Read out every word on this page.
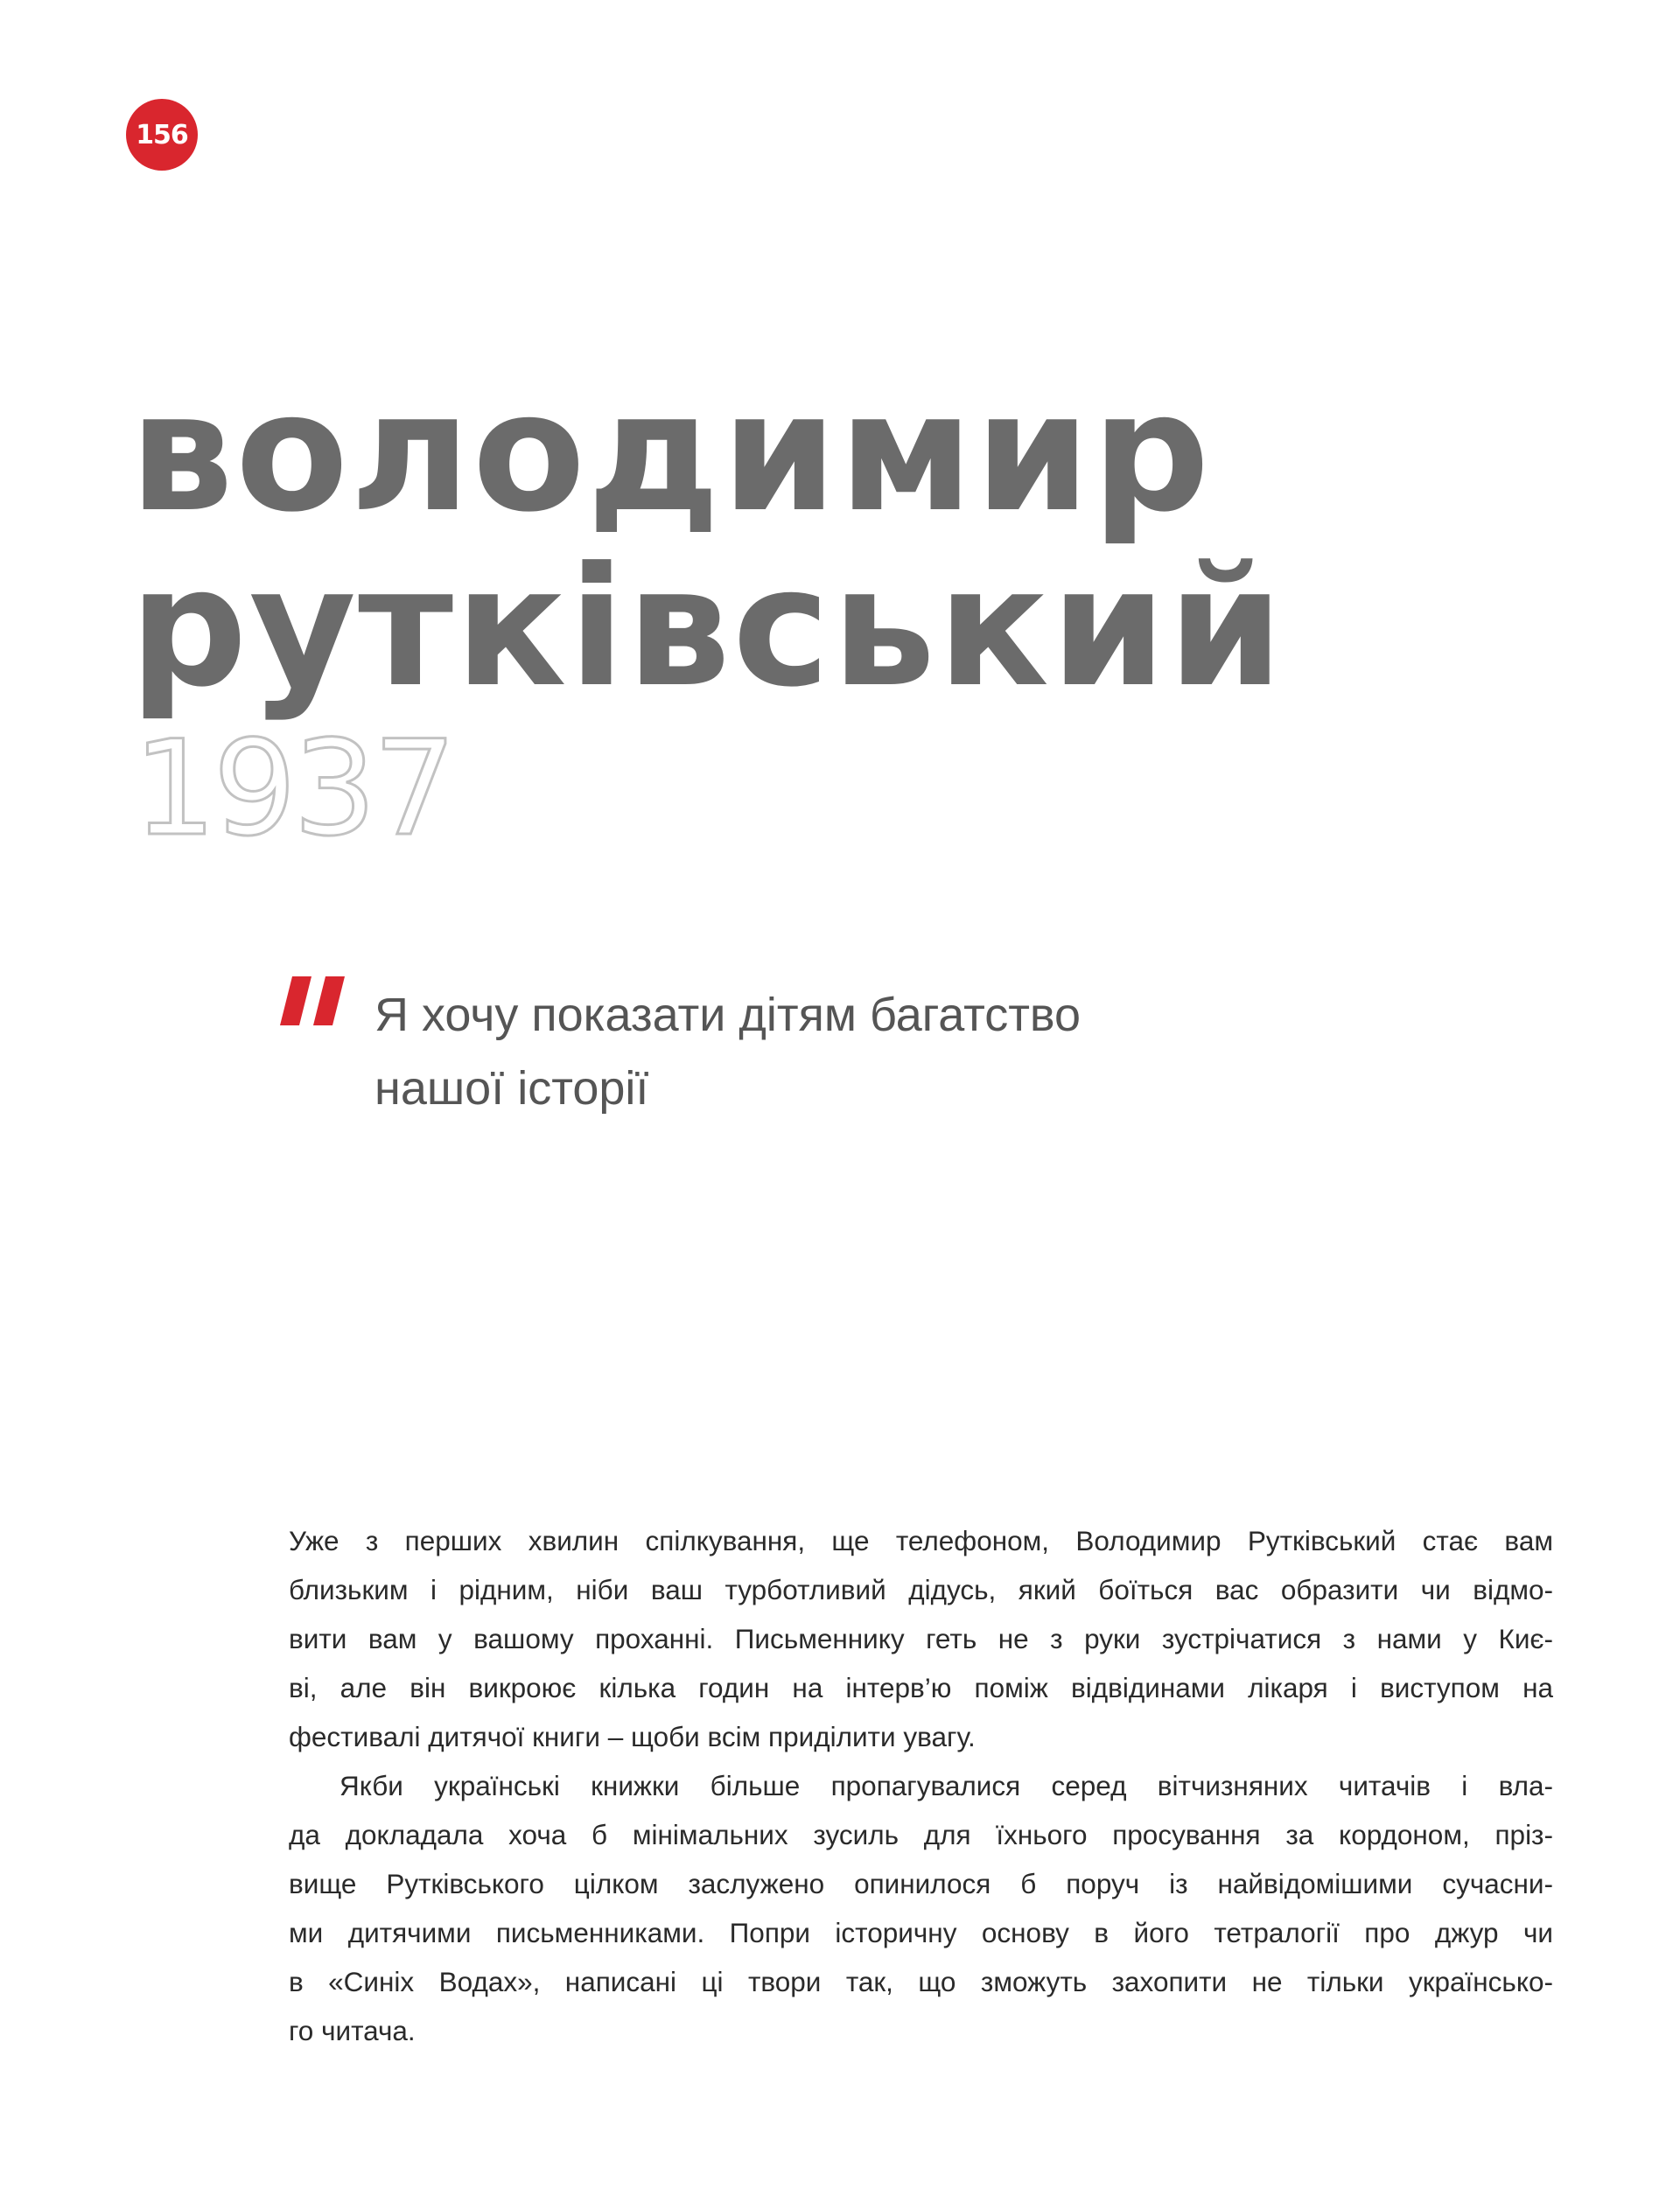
156
володимир
рутківський
1937
Я хочу показати дітям багатство
нашої історії

Уже з перших хвилин спілкування, ще телефоном, Володимир Рутківський стає вам
близьким і рідним, ніби ваш турботливий дідусь, який боїться вас образити чи відмо-
вити вам у вашому проханні. Письменнику геть не з руки зустрічатися з нами у Киє-
ві, але він викроює кілька годин на інтерв’ю поміж відвідинами лікаря і виступом на
фестивалі дитячої книги – щоби всім приділити увагу.

Якби українські книжки більше пропагувалися серед вітчизняних читачів і вла-
да докладала хоча б мінімальних зусиль для їхнього просування за кордоном, пріз-
вище Рутківського цілком заслужено опинилося б поруч із найвідомішими сучасни-
ми дитячими письменниками. Попри історичну основу в його тетралогії про джур чи
в «Синіх Водах», написані ці твори так, що зможуть захопити не тільки українсько-
го читача.
